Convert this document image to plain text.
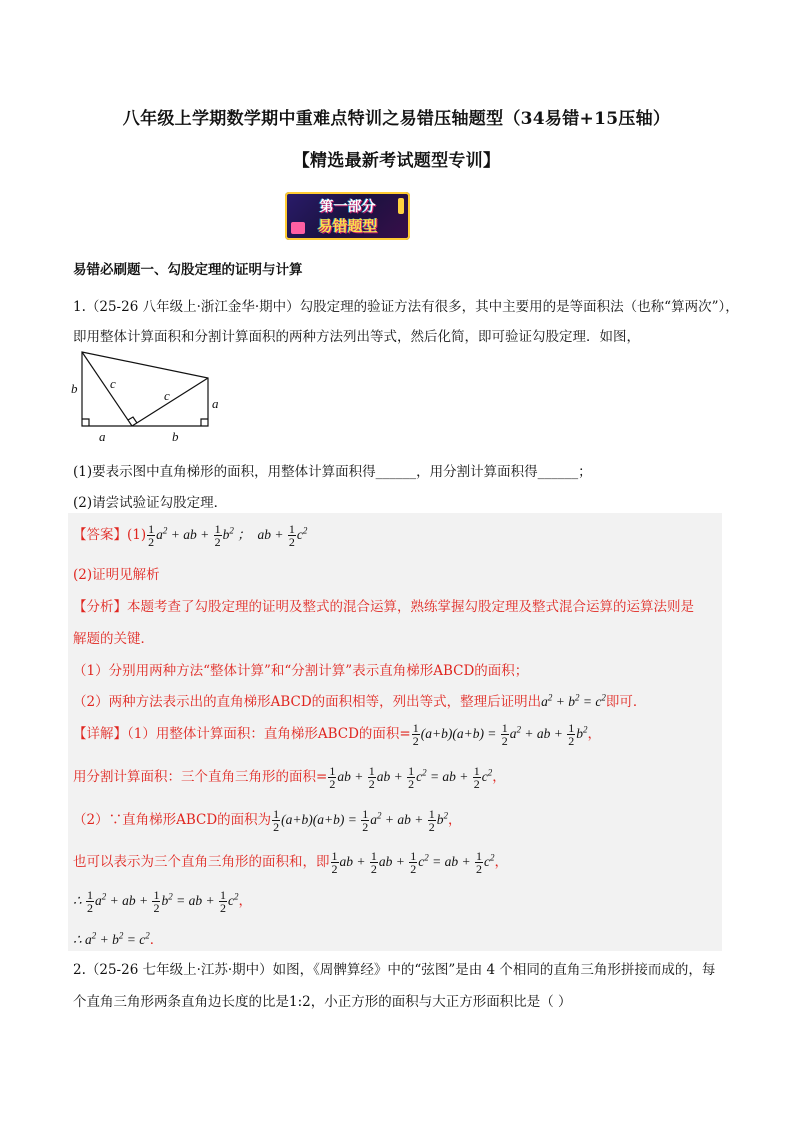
八年级上学期数学期中重难点特训之易错压轴题型（34易错+15压轴）
【精选最新考试题型专训】
第一部分
易错题型
易错必刷题一、勾股定理的证明与计算
1.（25-26 八年级上·浙江金华·期中）勾股定理的验证方法有很多，其中主要用的是等面积法（也称“算两次”），
即用整体计算面积和分割计算面积的两种方法列出等式，然后化简，即可验证勾股定理．如图，
b	c
c
a
a	b
(1)要表示图中直角梯形的面积，用整体计算面积得______，用分割计算面积得______；
(2)请尝试验证勾股定理．
【答案】$(1) \frac{1}{2} a^2$ + ab + $\frac{1}{2} b^2$ ；  ab + $\frac{1}{2} c^2$
(2)证明见解析
【分析】本题考查了勾股定理的证明及整式的混合运算，熟练掌握勾股定理及整式混合运算的运算法则是
解题的关键．
（1）分别用两种方法“整体计算”和“分割计算”表示直角梯形ABCD的面积；
（2）两种方法表示出的直角梯形ABCD的面积相等，列出等式，整理后证明出$a^2 + b^2 = c^2$即可．
【详解】（1）用整体计算面积：直角梯形ABCD的面积= $\frac{1}{2} (a+b)(a+b) = \frac{1}{2} a^2$ + ab + $\frac{1}{2} b^2$，
用分割计算面积：三个直角三角形的面积= $\frac{1}{2}$ ab + $\frac{1}{2}$ ab + $\frac{1}{2} c^2$ = ab + $\frac{1}{2} c^2$，
（2）∵直角梯形ABCD的面积为 $\frac{1}{2} (a+b)(a+b) = \frac{1}{2} a^2$ + ab + $\frac{1}{2} b^2$，
也可以表示为三个直角三角形的面积和，即 $\frac{1}{2}$ ab + $\frac{1}{2}$ ab + $\frac{1}{2} c^2$ = ab + $\frac{1}{2} c^2$，
∴ $\frac{1}{2} a^2$ + ab + $\frac{1}{2} b^2$ = ab + $\frac{1}{2} c^2$，
∴ $a^2 + b^2 = c^2$．
2.（25-26 七年级上·江苏·期中）如图，《周髀算经》中的“弦图”是由 4 个相同的直角三角形拼接而成的，每
个直角三角形两条直角边长度的比是1:2，小正方形的面积与大正方形面积比是（ ）
